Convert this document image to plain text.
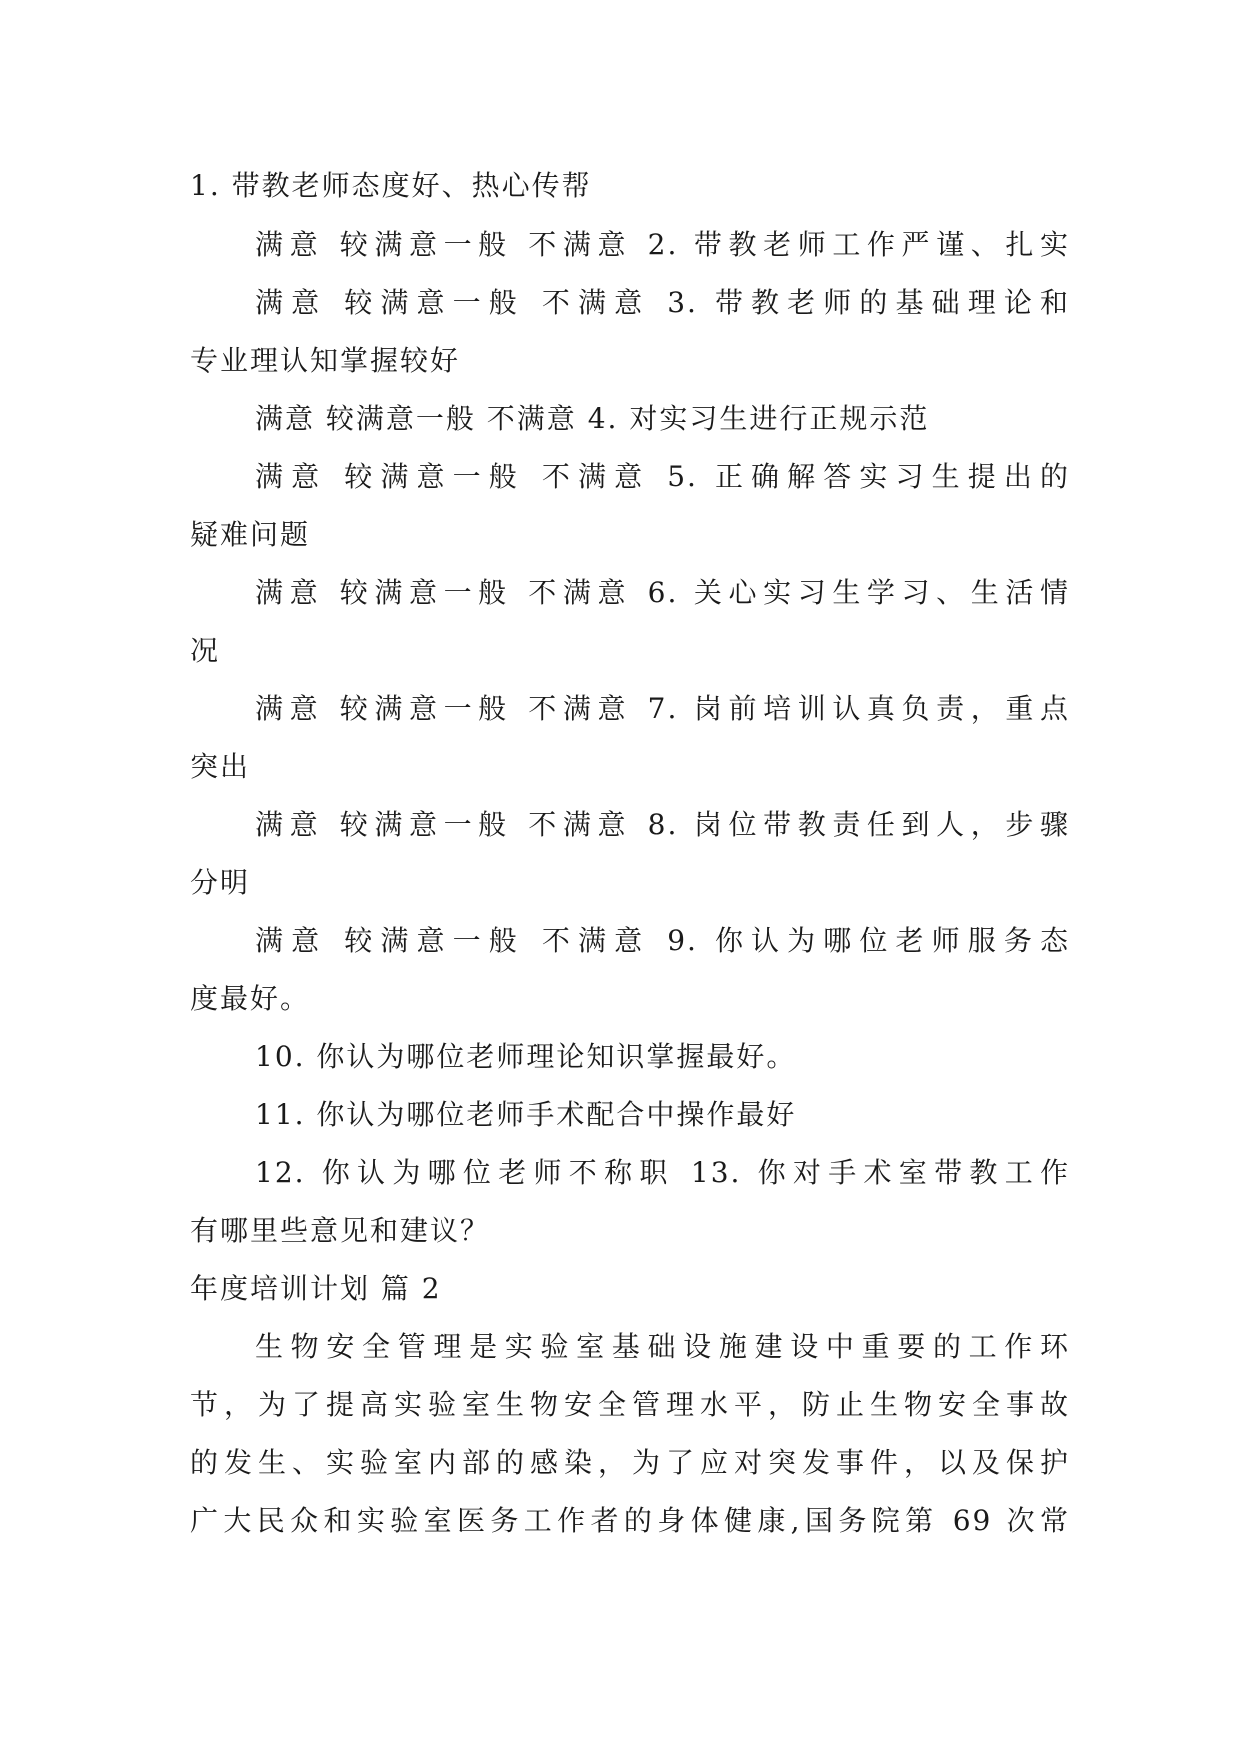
1. 带教老师态度好、热心传帮
满意 较满意一般 不满意 2. 带教老师工作严谨、扎实
满意 较满意一般 不满意 3. 带教老师的基础理论和
专业理认知掌握较好
满意 较满意一般 不满意 4. 对实习生进行正规示范
满意 较满意一般 不满意 5. 正确解答实习生提出的
疑难问题
满意 较满意一般 不满意 6. 关心实习生学习、生活情
况
满意 较满意一般 不满意 7. 岗前培训认真负责，重点
突出
满意 较满意一般 不满意 8. 岗位带教责任到人，步骤
分明
满意 较满意一般 不满意 9. 你认为哪位老师服务态
度最好。
10. 你认为哪位老师理论知识掌握最好。
11. 你认为哪位老师手术配合中操作最好
12. 你认为哪位老师不称职 13. 你对手术室带教工作
有哪里些意见和建议？
年度培训计划 篇 2
生物安全管理是实验室基础设施建设中重要的工作环
节，为了提高实验室生物安全管理水平，防止生物安全事故
的发生、实验室内部的感染，为了应对突发事件，以及保护
广大民众和实验室医务工作者的身体健康,国务院第 69 次常
